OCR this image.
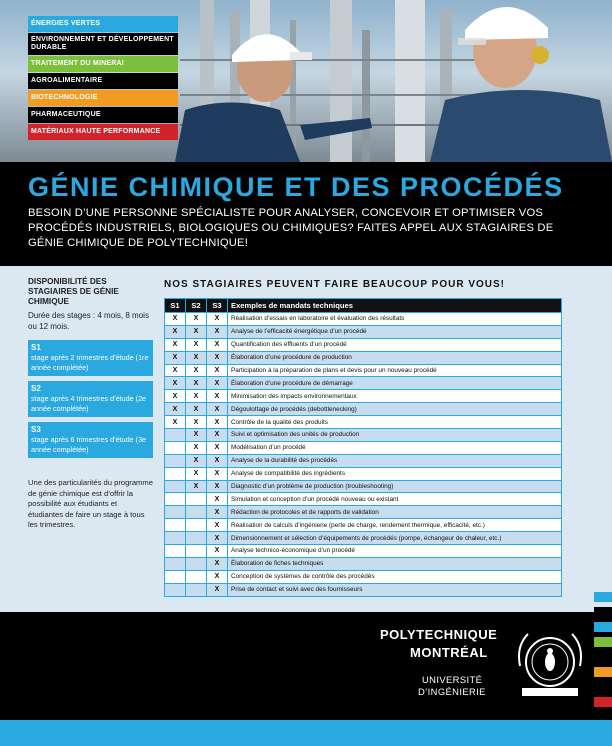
ÉNERGIES VERTES
ENVIRONNEMENT ET DÉVELOPPEMENT DURABLE
TRAITEMENT DU MINERAI
AGROALIMENTAIRE
BIOTECHNOLOGIE
PHARMACEUTIQUE
MATÉRIAUX HAUTE PERFORMANCE
GÉNIE CHIMIQUE ET DES PROCÉDÉS
BESOIN D’UNE PERSONNE SPÉCIALISTE POUR ANALYSER, CONCEVOIR ET OPTIMISER VOS PROCÉDÉS INDUSTRIELS, BIOLOGIQUES OU CHIMIQUES? FAITES APPEL AUX STAGIAIRES DE GÉNIE CHIMIQUE DE POLYTECHNIQUE!
DISPONIBILITÉ DES STAGIAIRES DE GÉNIE CHIMIQUE
Durée des stages : 4 mois, 8 mois ou 12 mois.
S1
stage après 2 trimestres d’étude (1re année complétée)
S2
stage après 4 trimestres d’étude (2e année complétée)
S3
stage après 6 trimestres d’étude (3e année complétée)
Une des particularités du programme de génie chimique est d’offrir la possibilité aux étudiants et étudiantes de faire un stage à tous les trimestres.
NOS STAGIAIRES PEUVENT FAIRE BEAUCOUP POUR VOUS!
S1	S2	S3	Exemples de mandats techniques
X	X	X	Réalisation d’essais en laboratoire et évaluation des résultats
X	X	X	Analyse de l’efficacité énergétique d’un procédé
X	X	X	Quantification des effluents d’un procédé
X	X	X	Élaboration d’une procédure de production
X	X	X	Participation à la préparation de plans et devis pour un nouveau procédé
X	X	X	Élaboration d’une procédure de démarrage
X	X	X	Minimisation des impacts environnementaux
X	X	X	Dégoulottage de procédés (debottlenecking)
X	X	X	Contrôle de la qualité des produits
	X	X	Suivi et optimisation des unités de production
	X	X	Modélisation d’un procédé
	X	X	Analyse de la durabilité des procédés
	X	X	Analyse de compatibilité des ingrédients
	X	X	Diagnostic d’un problème de production (troubleshooting)
		X	Simulation et conception d’un procédé nouveau ou existant
		X	Rédaction de protocoles et de rapports de validation
		X	Réalisation de calculs d’ingénierie (perte de charge, rendement thermique, efficacité, etc.)
		X	Dimensionnement et sélection d’équipements de procédés (pompe, échangeur de chaleur, etc.)
		X	Analyse technico-économique d’un procédé
		X	Élaboration de fiches techniques
		X	Conception de systèmes de contrôle des procédés
		X	Prise de contact et suivi avec des fournisseurs
POLYTECHNIQUE
MONTRÉAL
UNIVERSITÉ
D’INGÉNIERIE
